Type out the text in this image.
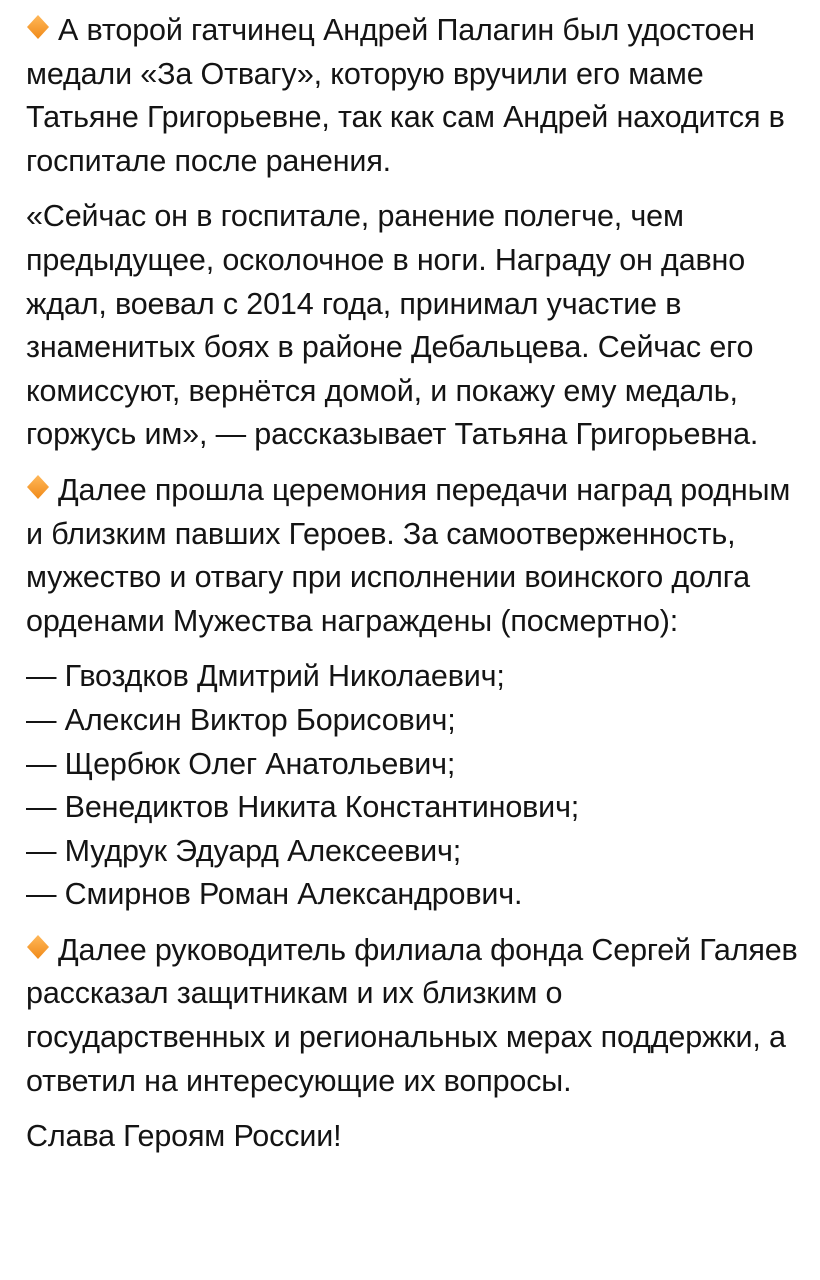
А второй гатчинец Андрей Палагин был удостоен медали «За Отвагу», которую вручили его маме Татьяне Григорьевне, так как сам Андрей находится в госпитале после ранения.

«Сейчас он в госпитале, ранение полегче, чем предыдущее, осколочное в ноги. Награду он давно ждал, воевал с 2014 года, принимал участие в знаменитых боях в районе Дебальцева. Сейчас его комиссуют, вернётся домой, и покажу ему медаль, горжусь им», — рассказывает Татьяна Григорьевна.

Далее прошла церемония передачи наград родным и близким павших Героев. За самоотверженность, мужество и отвагу при исполнении воинского долга орденами Мужества награждены (посмертно):

— Гвоздков Дмитрий Николаевич;
— Алексин Виктор Борисович;
— Щербюк Олег Анатольевич;
— Венедиктов Никита Константинович;
— Мудрук Эдуард Алексеевич;
— Смирнов Роман Александрович.

Далее руководитель филиала фонда Сергей Галяев рассказал защитникам и их близким о государственных и региональных мерах поддержки, а ответил на интересующие их вопросы.

Слава Героям России!
